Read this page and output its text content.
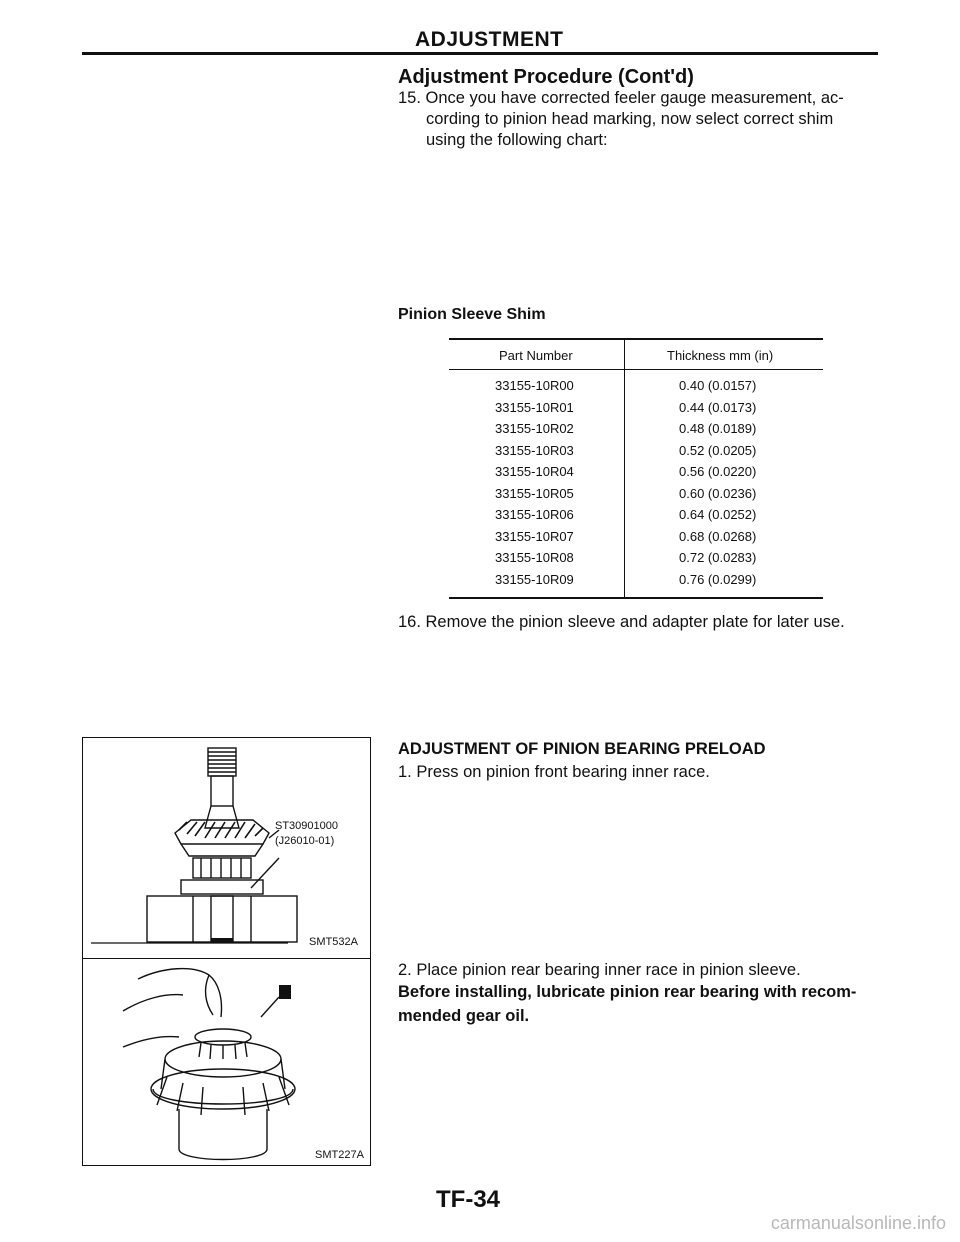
ADJUSTMENT
Adjustment Procedure (Cont'd)
15. Once you have corrected feeler gauge measurement, ac-
cording to pinion head marking, now select correct shim
using the following chart:
Pinion Sleeve Shim
Part Number	Thickness mm (in)
33155-10R00	0.40 (0.0157)
33155-10R01	0.44 (0.0173)
33155-10R02	0.48 (0.0189)
33155-10R03	0.52 (0.0205)
33155-10R04	0.56 (0.0220)
33155-10R05	0.60 (0.0236)
33155-10R06	0.64 (0.0252)
33155-10R07	0.68 (0.0268)
33155-10R08	0.72 (0.0283)
33155-10R09	0.76 (0.0299)
16. Remove the pinion sleeve and adapter plate for later use.
ADJUSTMENT OF PINION BEARING PRELOAD
1. Press on pinion front bearing inner race.
2. Place pinion rear bearing inner race in pinion sleeve.
Before installing, lubricate pinion rear bearing with recom-
mended gear oil.
ST30901000
(J26010-01)
SMT532A
SMT227A
TF-34
carmanualsonline.info
